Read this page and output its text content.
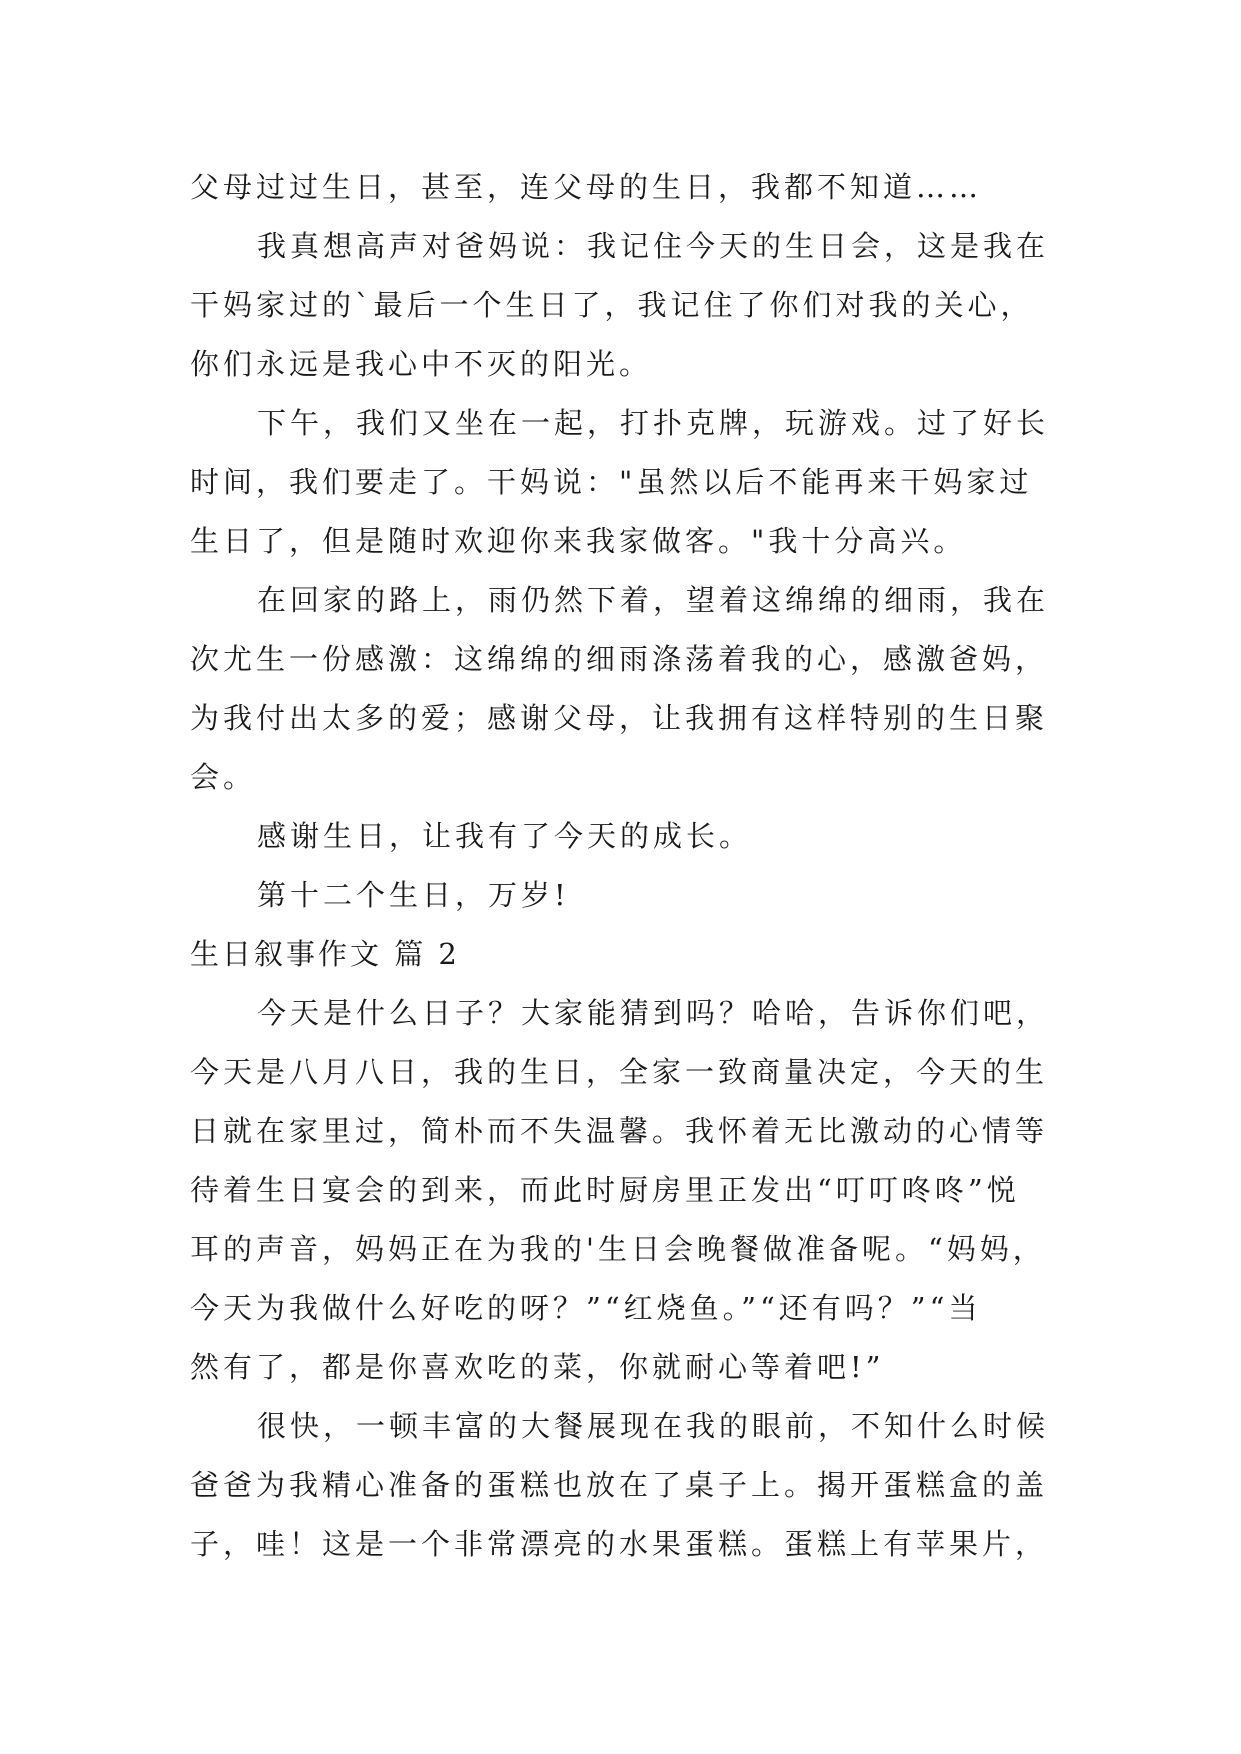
父母过过生日，甚至，连父母的生日，我都不知道……
我真想高声对爸妈说：我记住今天的生日会，这是我在
干妈家过的`最后一个生日了，我记住了你们对我的关心，
你们永远是我心中不灭的阳光。
下午，我们又坐在一起，打扑克牌，玩游戏。过了好长
时间，我们要走了。干妈说："虽然以后不能再来干妈家过
生日了，但是随时欢迎你来我家做客。"我十分高兴。
在回家的路上，雨仍然下着，望着这绵绵的细雨，我在
次尤生一份感激：这绵绵的细雨涤荡着我的心，感激爸妈，
为我付出太多的爱；感谢父母，让我拥有这样特别的生日聚
会。
感谢生日，让我有了今天的成长。
第十二个生日，万岁!
生日叙事作文 篇 2
今天是什么日子？大家能猜到吗？哈哈，告诉你们吧，
今天是八月八日，我的生日，全家一致商量决定，今天的生
日就在家里过，简朴而不失温馨。我怀着无比激动的心情等
待着生日宴会的到来，而此时厨房里正发出“叮叮咚咚”悦
耳的声音，妈妈正在为我的'生日会晚餐做准备呢。“妈妈，
今天为我做什么好吃的呀？”“红烧鱼。”“还有吗？”“当
然有了，都是你喜欢吃的菜，你就耐心等着吧!”
很快，一顿丰富的大餐展现在我的眼前，不知什么时候
爸爸为我精心准备的蛋糕也放在了桌子上。揭开蛋糕盒的盖
子，哇！这是一个非常漂亮的水果蛋糕。蛋糕上有苹果片，
